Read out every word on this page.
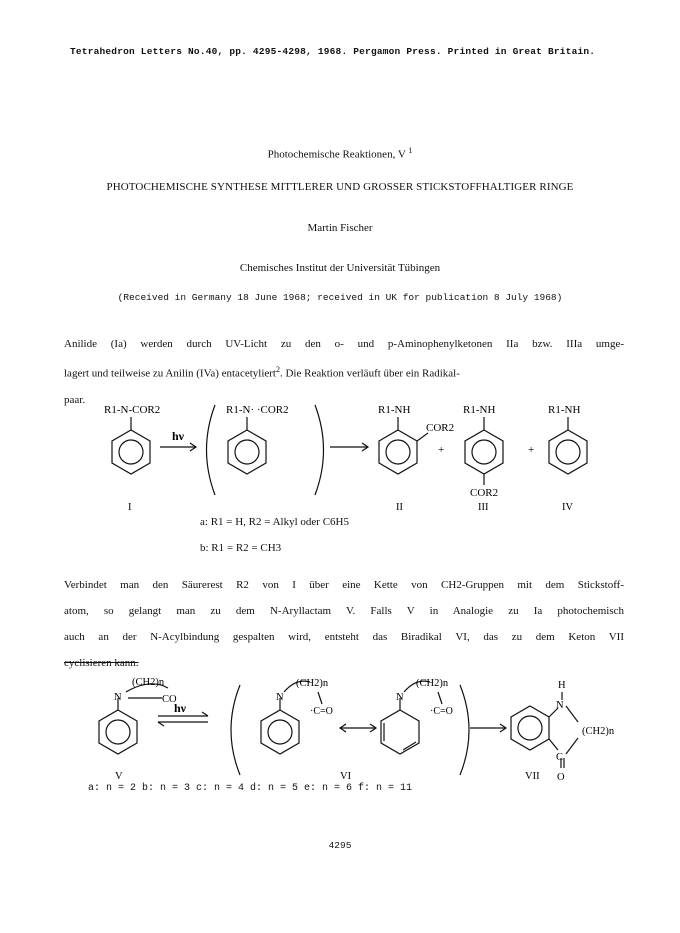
Tetrahedron Letters No.40, pp. 4295-4298, 1968. Pergamon Press. Printed in Great Britain.
Photochemische Reaktionen, V $^1$
PHOTOCHEMISCHE SYNTHESE MITTLERER UND GROSSER STICKSTOFFHALTIGER RINGE
Martin Fischer
Chemisches Institut der Universität Tübingen
(Received in Germany 18 June 1968; received in UK for publication 8 July 1968)
Anilide (Ia) werden durch UV-Licht zu den o- und p-Aminophenylketonen IIa bzw. IIIa umge-
lagert und teilweise zu Anilin (IVa) entacetyliert$^2$. Die Reaktion verläuft über ein Radikal-
paar.
R1-N-COR2
hν
R1-N· ·COR2	R1-NH
COR2
+
R1-NH
COR2
+
R1-NH
I	II	III	IV
a: R1 = H, R2 = Alkyl oder C6H5
b: R1 = R2 = CH3
Verbindet man den Säurerest R2 von I über eine Kette von CH2-Gruppen mit dem Stickstoff-
atom, so gelangt man zu dem N-Aryllactam V. Falls V in Analogie zu Ia photochemisch
auch an der N-Acylbindung gespalten wird, entsteht das Biradikal VI, das zu dem Keton VII
cyclisieren kann.
(CH2)n
N	CO
hν
(CH2)n
N
·C=O
(CH2)n
N
·C=O
H
N
(CH2)n
C
O
V	VI	VII
a: n = 2 b: n = 3 c: n = 4 d: n = 5 e: n = 6 f: n = 11
4295
